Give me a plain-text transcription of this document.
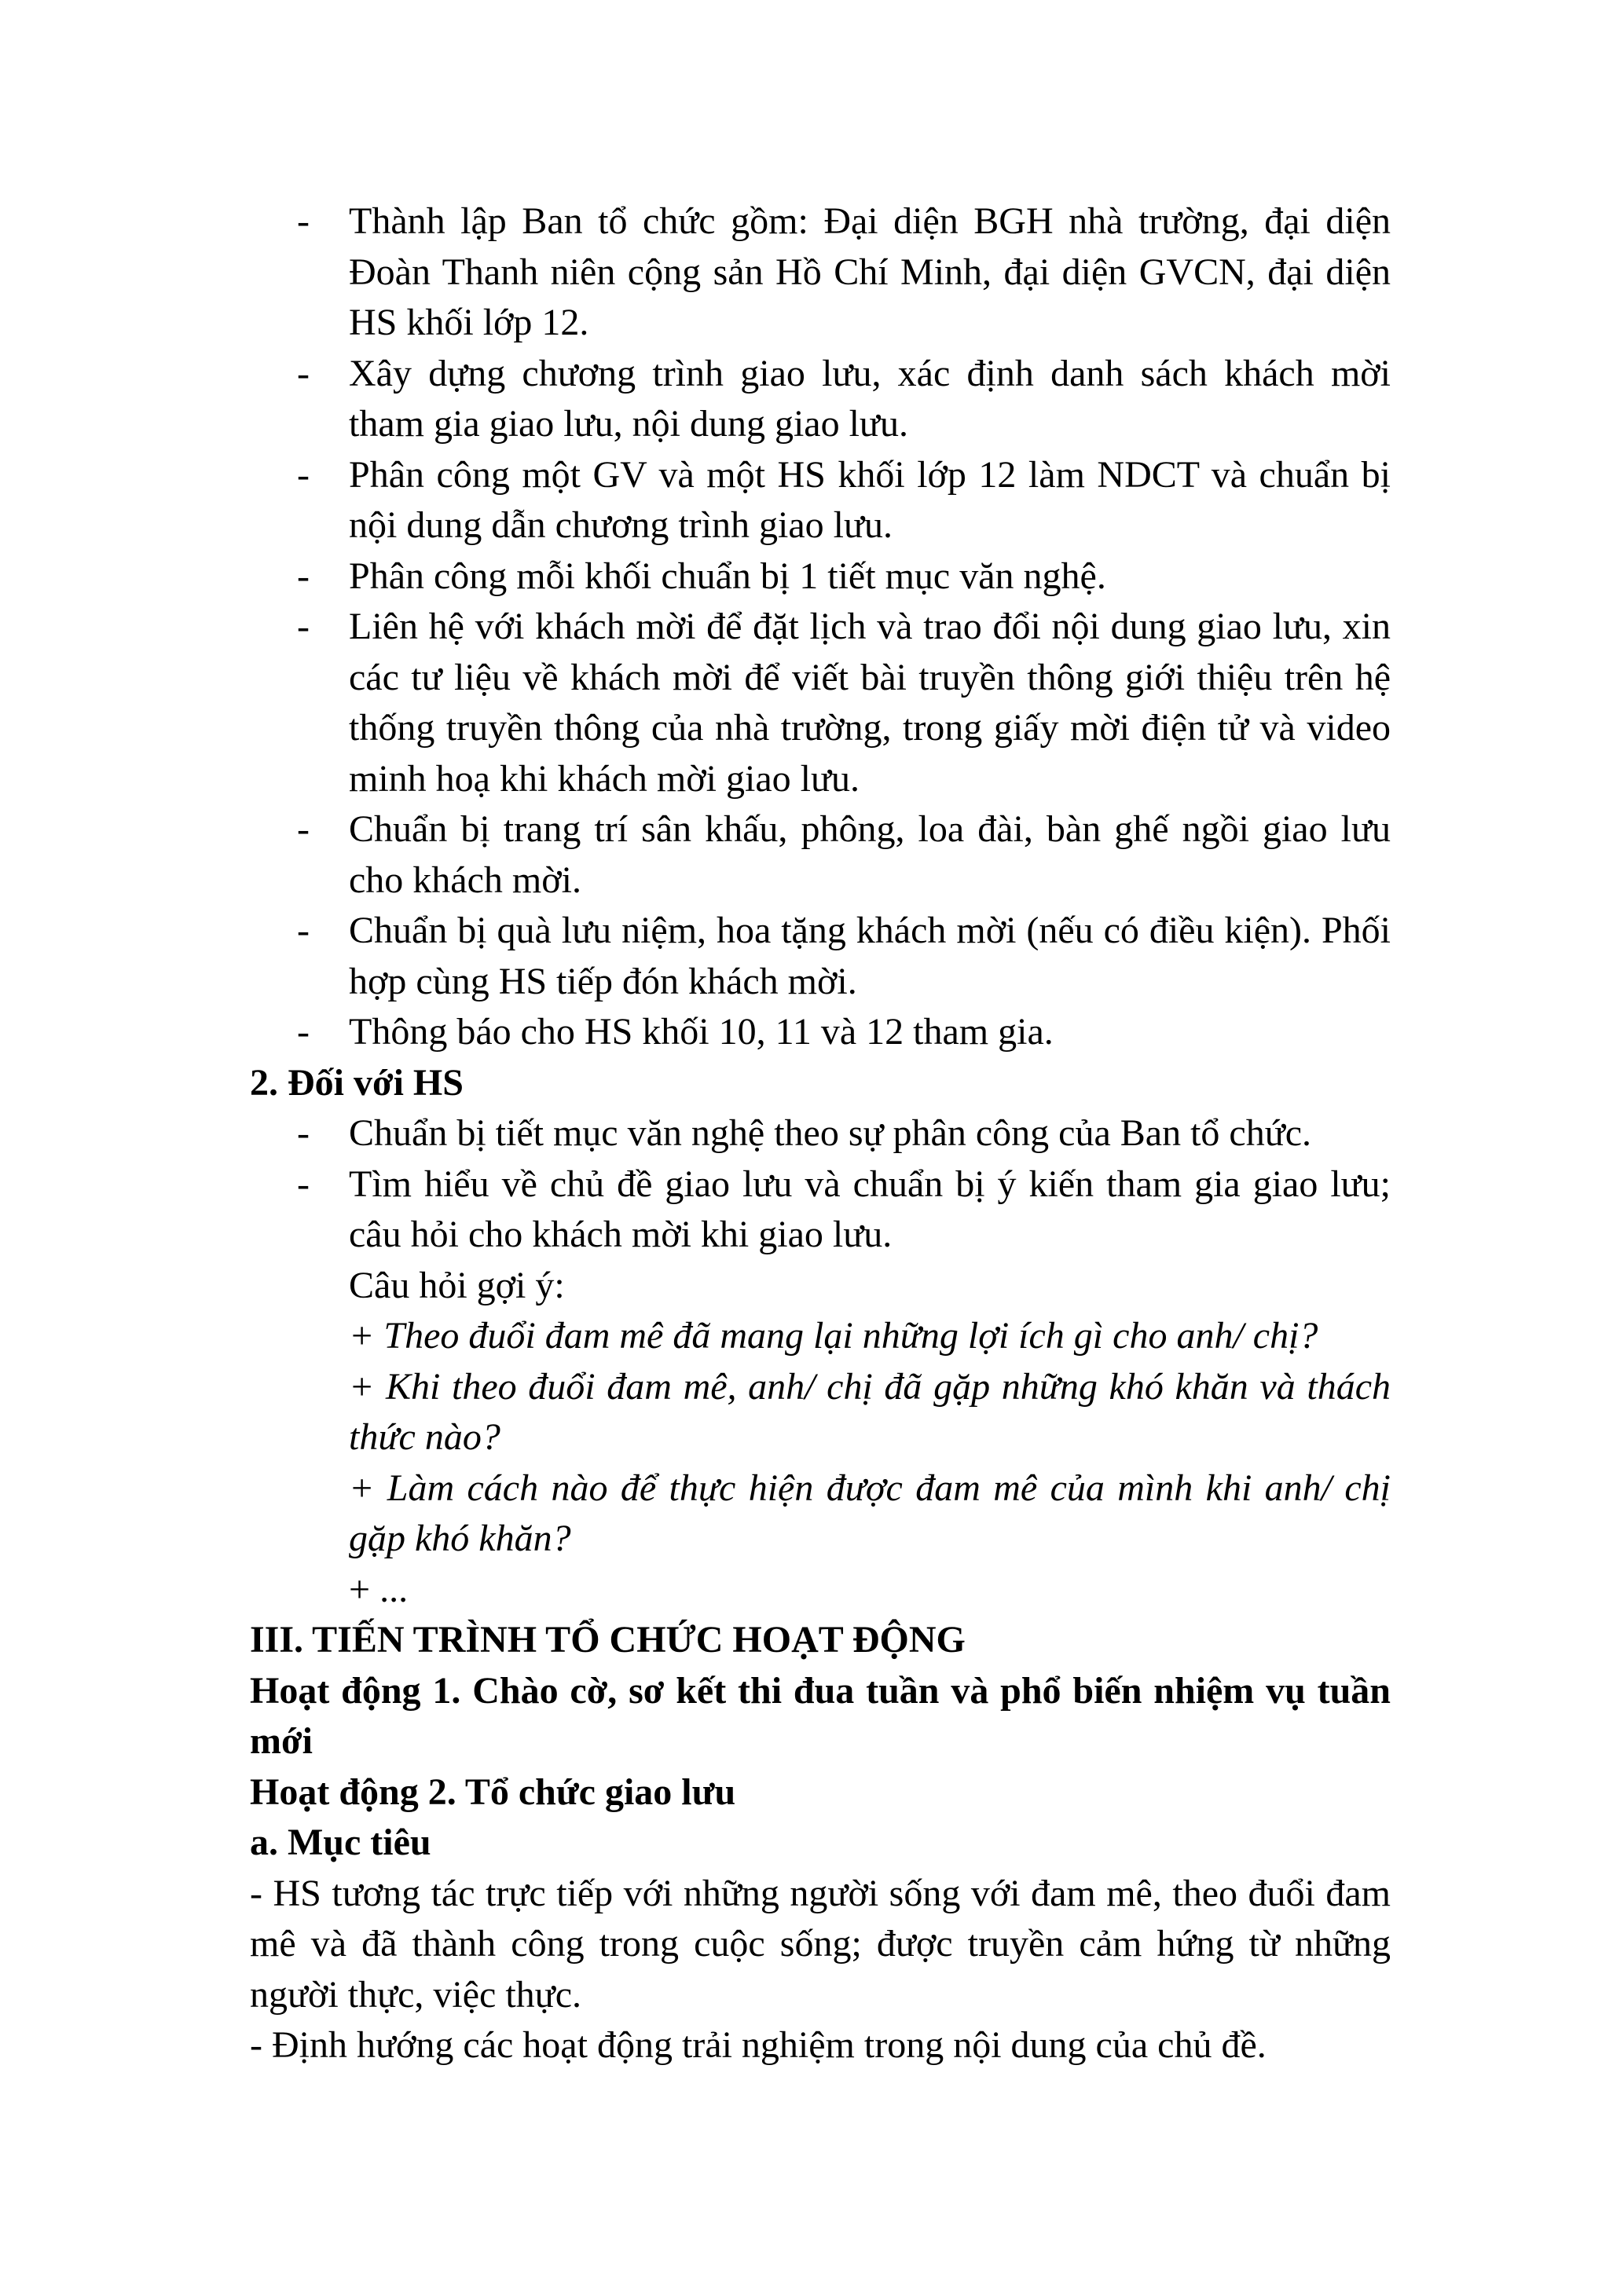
-	Thành lập Ban tổ chức gồm: Đại diện BGH nhà trường, đại diện Đoàn Thanh niên cộng sản Hồ Chí Minh, đại diện GVCN, đại diện HS khối lớp 12.
-	Xây dựng chương trình giao lưu, xác định danh sách khách mời tham gia giao lưu, nội dung giao lưu.
-	Phân công một GV và một HS khối lớp 12 làm NDCT và chuẩn bị nội dung dẫn chương trình giao lưu.
-	Phân công mỗi khối chuẩn bị 1 tiết mục văn nghệ.
-	Liên hệ với khách mời để đặt lịch và trao đổi nội dung giao lưu, xin các tư liệu về khách mời để viết bài truyền thông giới thiệu trên hệ thống truyền thông của nhà trường, trong giấy mời điện tử và video minh hoạ khi khách mời giao lưu.
-	Chuẩn bị trang trí sân khấu, phông, loa đài, bàn ghế ngồi giao lưu cho khách mời.
-	Chuẩn bị quà lưu niệm, hoa tặng khách mời (nếu có điều kiện). Phối hợp cùng HS tiếp đón khách mời.
-	Thông báo cho HS khối 10, 11 và 12 tham gia.
2. Đối với HS
-	Chuẩn bị tiết mục văn nghệ theo sự phân công của Ban tổ chức.
-	Tìm hiểu về chủ đề giao lưu và chuẩn bị ý kiến tham gia giao lưu; câu hỏi cho khách mời khi giao lưu.
Câu hỏi gợi ý:
+ Theo đuổi đam mê đã mang lại những lợi ích gì cho anh/ chị?
+ Khi theo đuổi đam mê, anh/ chị đã gặp những khó khăn và thách thức nào?
+ Làm cách nào để thực hiện được đam mê của mình khi anh/ chị gặp khó khăn?
+ ...
III. TIẾN TRÌNH TỔ CHỨC HOẠT ĐỘNG
Hoạt động 1. Chào cờ, sơ kết thi đua tuần và phổ biến nhiệm vụ tuần mới
Hoạt động 2. Tổ chức giao lưu
a. Mục tiêu
- HS tương tác trực tiếp với những người sống với đam mê, theo đuổi đam mê và đã thành công trong cuộc sống; được truyền cảm hứng từ những người thực, việc thực.
- Định hướng các hoạt động trải nghiệm trong nội dung của chủ đề.
